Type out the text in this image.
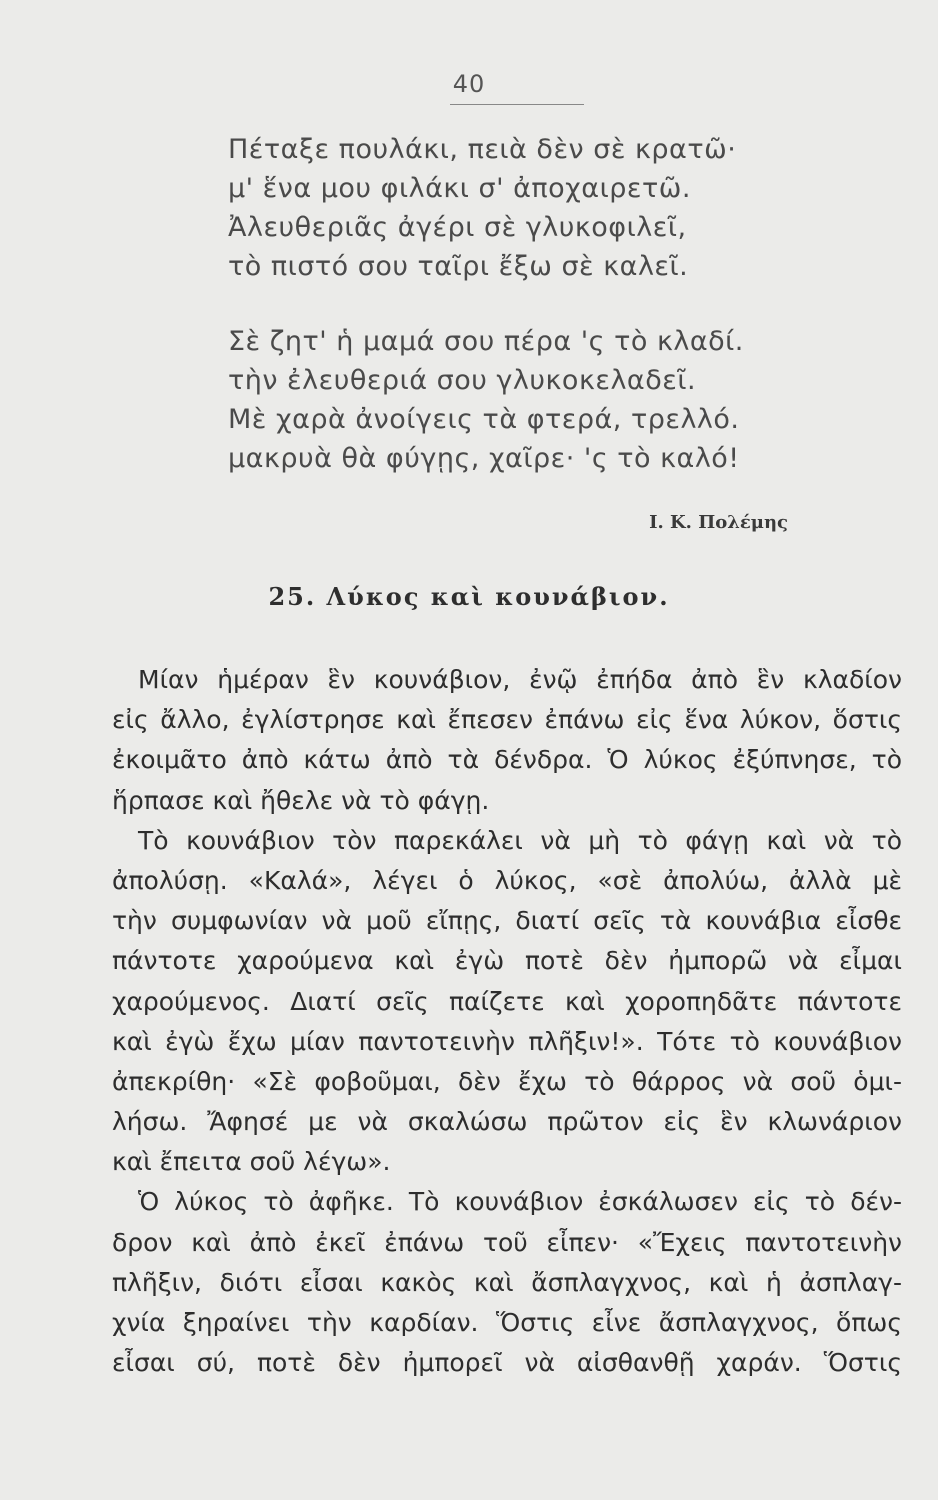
40
Πέταξε πουλάκι, πειὰ δὲν σὲ κρατῶ·
μ' ἕνα μου φιλάκι σ' ἀποχαιρετῶ.
Ἀλευθεριᾶς ἀγέρι σὲ γλυκοφιλεῖ,
τὸ πιστό σου ταῖρι ἔξω σὲ καλεῖ.
Σὲ ζητ' ἡ μαμά σου πέρα 'ς τὸ κλαδί.
τὴν ἐλευθεριά σου γλυκοκελαδεῖ.
Μὲ χαρὰ ἀνοίγεις τὰ φτερά, τρελλό.
μακρυὰ θὰ φύγῃς, χαῖρε· 'ς τὸ καλό!
Ι. Κ. Πολέμης
25. Λύκος καὶ κουνάβιον.
Μίαν ἡμέραν ἓν κουνάβιον, ἐνῷ ἐπήδα ἀπὸ ἓν κλαδίον
εἰς ἄλλο, ἐγλίστρησε καὶ ἔπεσεν ἐπάνω εἰς ἕνα λύκον, ὅστις
ἐκοιμᾶτο ἀπὸ κάτω ἀπὸ τὰ δένδρα. Ὁ λύκος ἐξύπνησε, τὸ
ἥρπασε καὶ ἤθελε νὰ τὸ φάγῃ.
Τὸ κουνάβιον τὸν παρεκάλει νὰ μὴ τὸ φάγῃ καὶ νὰ τὸ
ἀπολύσῃ. «Καλά», λέγει ὁ λύκος, «σὲ ἀπολύω, ἀλλὰ μὲ
τὴν συμφωνίαν νὰ μοῦ εἴπῃς, διατί σεῖς τὰ κουνάβια εἶσθε
πάντοτε χαρούμενα καὶ ἐγὼ ποτὲ δὲν ἠμπορῶ νὰ εἶμαι
χαρούμενος. Διατί σεῖς παίζετε καὶ χοροπηδᾶτε πάντοτε
καὶ ἐγὼ ἔχω μίαν παντοτεινὴν πλῆξιν!». Τότε τὸ κουνάβιον
ἀπεκρίθη· «Σὲ φοβοῦμαι, δὲν ἔχω τὸ θάρρος νὰ σοῦ ὁμι-
λήσω. Ἄφησέ με νὰ σκαλώσω πρῶτον εἰς ἓν κλωνάριον
καὶ ἔπειτα σοῦ λέγω».
Ὁ λύκος τὸ ἀφῆκε. Τὸ κουνάβιον ἐσκάλωσεν εἰς τὸ δέν-
δρον καὶ ἀπὸ ἐκεῖ ἐπάνω τοῦ εἶπεν· «Ἔχεις παντοτεινὴν
πλῆξιν, διότι εἶσαι κακὸς καὶ ἄσπλαγχνος, καὶ ἡ ἀσπλαγ-
χνία ξηραίνει τὴν καρδίαν. Ὅστις εἶνε ἄσπλαγχνος, ὅπως
εἶσαι σύ, ποτὲ δὲν ἠμπορεῖ νὰ αἰσθανθῇ χαράν. Ὅστις
